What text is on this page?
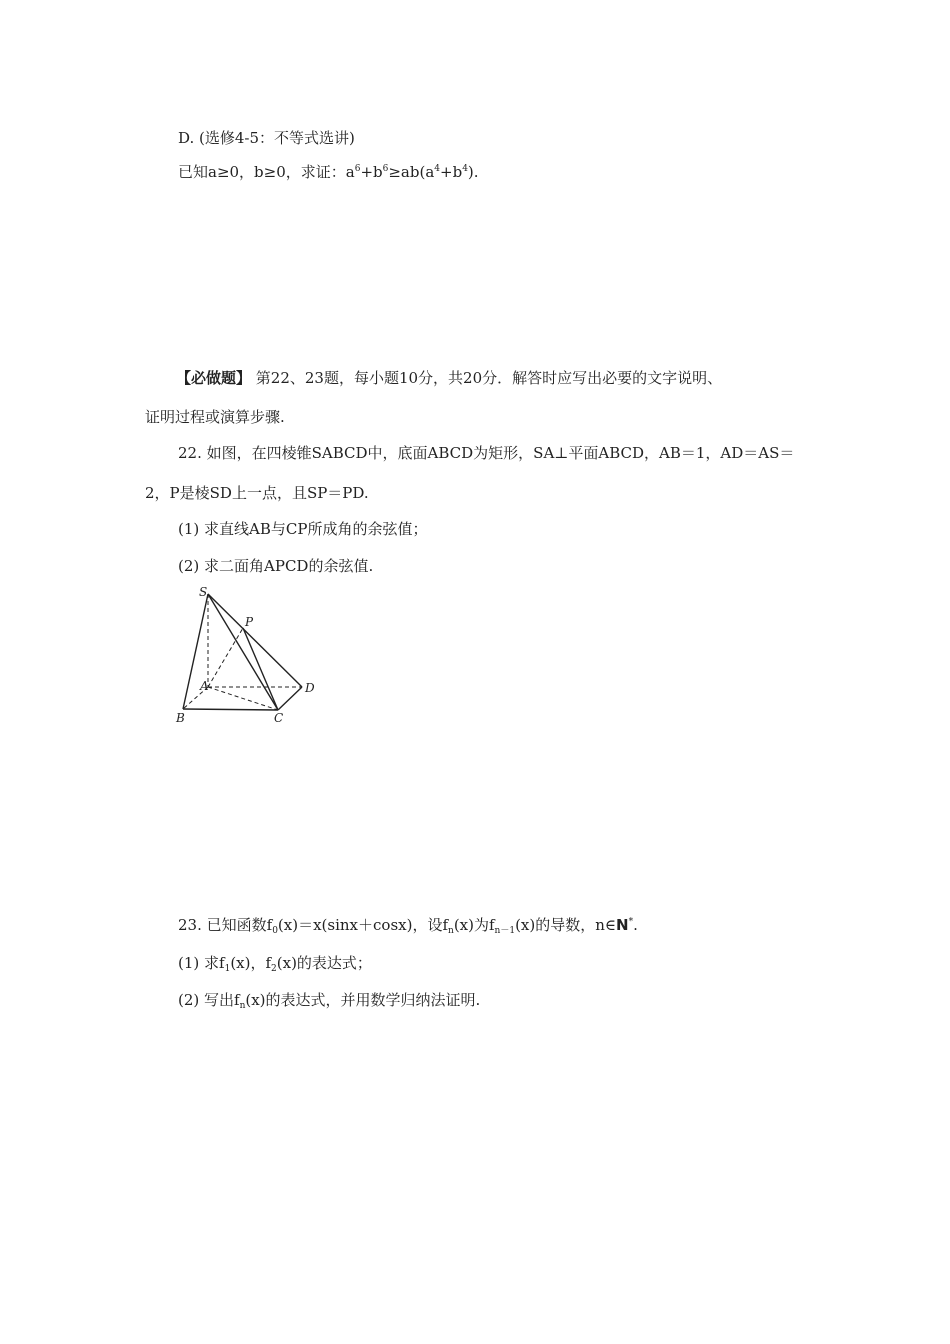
D. (选修4-5：不等式选讲)
已知a≥0，b≥0，求证：$a^6+b^6\ge ab(a^4+b^4)$.
【必做题】 第22、23题，每小题10分，共20分．解答时应写出必要的文字说明、
证明过程或演算步骤.
22. 如图，在四棱锥SABCD中，底面ABCD为矩形，SA⊥平面ABCD，AB＝1，AD＝AS＝
2，P是棱SD上一点，且SP＝PD.
(1) 求直线AB与CP所成角的余弦值；
(2) 求二面角APCD的余弦值.
S
P
A
B	C
D
23. 已知函数$f_0(x)=x(\sin x+\cos x)$，设$f_n(x)$为$f_{n-1}(x)$的导数，n∈N*.
(1) 求$f_1(x)$，$f_2(x)$的表达式；
(2) 写出$f_n(x)$的表达式，并用数学归纳法证明.
